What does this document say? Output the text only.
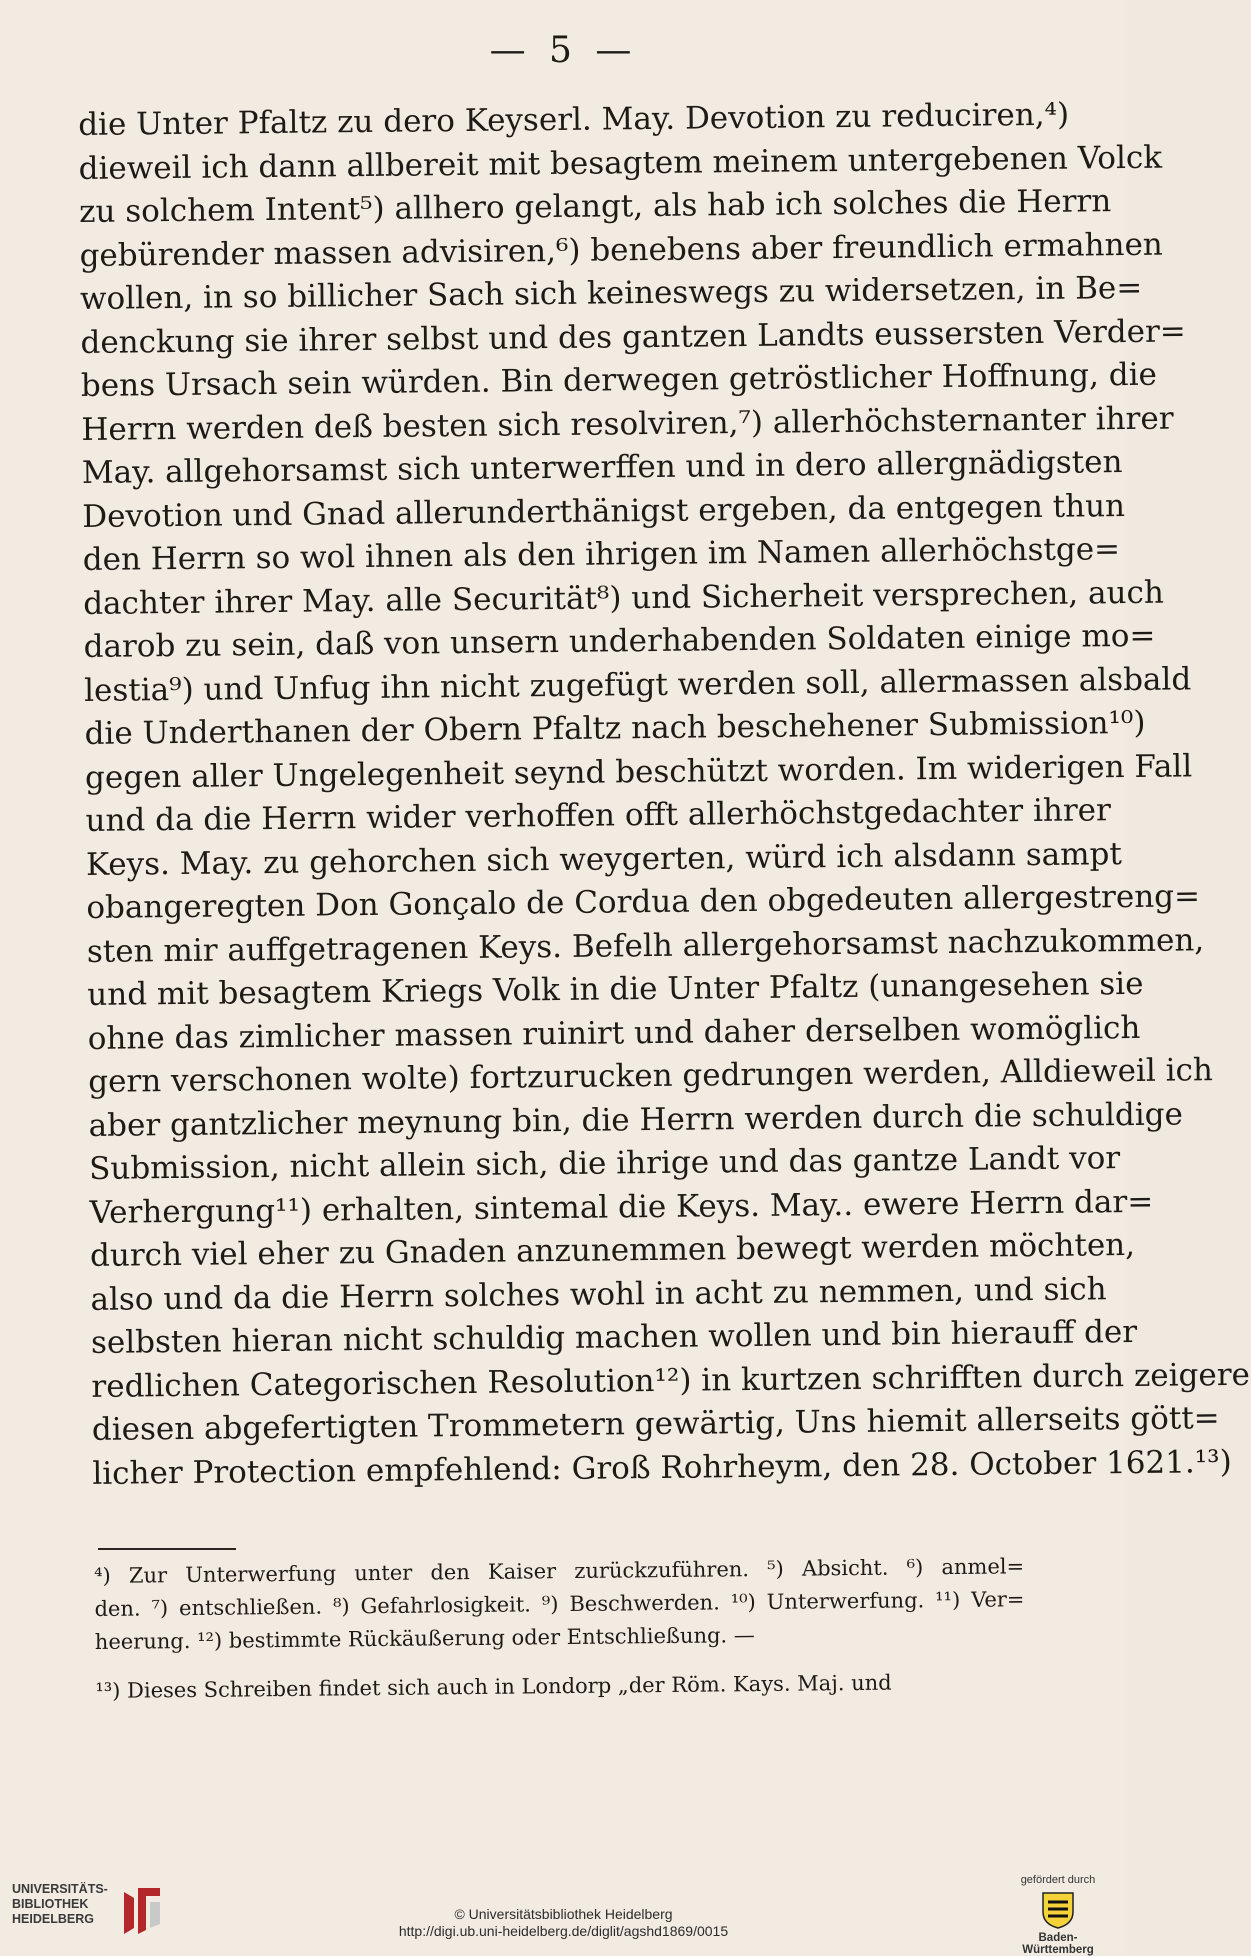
— 5 —
die Unter Pfaltz zu dero Keyserl. May. Devotion zu reduciren,⁴)
dieweil ich dann allbereit mit besagtem meinem untergebenen Volck
zu solchem Intent⁵) allhero gelangt, als hab ich solches die Herrn
gebürender massen advisiren,⁶) benebens aber freundlich ermahnen
wollen, in so billicher Sach sich keineswegs zu widersetzen, in Be=
denckung sie ihrer selbst und des gantzen Landts eussersten Verder=
bens Ursach sein würden. Bin derwegen getröstlicher Hoffnung, die
Herrn werden deß besten sich resolviren,⁷) allerhöchsternanter ihrer
May. allgehorsamst sich unterwerffen und in dero allergnädigsten
Devotion und Gnad allerunderthänigst ergeben, da entgegen thun
den Herrn so wol ihnen als den ihrigen im Namen allerhöchstge=
dachter ihrer May. alle Securität⁸) und Sicherheit versprechen, auch
darob zu sein, daß von unsern underhabenden Soldaten einige mo=
lestia⁹) und Unfug ihn nicht zugefügt werden soll, allermassen alsbald
die Underthanen der Obern Pfaltz nach beschehener Submission¹⁰)
gegen aller Ungelegenheit seynd beschützt worden. Im widerigen Fall
und da die Herrn wider verhoffen offt allerhöchstgedachter ihrer
Keys. May. zu gehorchen sich weygerten, würd ich alsdann sampt
obangeregten Don Gonçalo de Cordua den obgedeuten allergestreng=
sten mir auffgetragenen Keys. Befelh allergehorsamst nachzukommen,
und mit besagtem Kriegs Volk in die Unter Pfaltz (unangesehen sie
ohne das zimlicher massen ruinirt und daher derselben womöglich
gern verschonen wolte) fortzurucken gedrungen werden, Alldieweil ich
aber gantzlicher meynung bin, die Herrn werden durch die schuldige
Submission, nicht allein sich, die ihrige und das gantze Landt vor
Verhergung¹¹) erhalten, sintemal die Keys. May.. ewere Herrn dar=
durch viel eher zu Gnaden anzunemmen bewegt werden möchten,
also und da die Herrn solches wohl in acht zu nemmen, und sich
selbsten hieran nicht schuldig machen wollen und bin hierauff der
redlichen Categorischen Resolution¹²) in kurtzen schrifften durch zeigere
diesen abgefertigten Trommetern gewärtig, Uns hiemit allerseits gött=
licher Protection empfehlend: Groß Rohrheym, den 28. October 1621.¹³)
⁴) Zur Unterwerfung unter den Kaiser zurückzuführen. ⁵) Absicht. ⁶) anmel=
den. ⁷) entschließen. ⁸) Gefahrlosigkeit. ⁹) Beschwerden. ¹⁰) Unterwerfung. ¹¹) Ver=
heerung. ¹²) bestimmte Rückäußerung oder Entschließung. —
¹³) Dieses Schreiben findet sich auch in Londorp „der Röm. Kays. Maj. und
UNIVERSITÄTS-
BIBLIOTHEK
HEIDELBERG	© Universitätsbibliothek Heidelberg
http://digi.ub.uni-heidelberg.de/diglit/agshd1869/0015
gefördert durch
Baden-Württemberg
